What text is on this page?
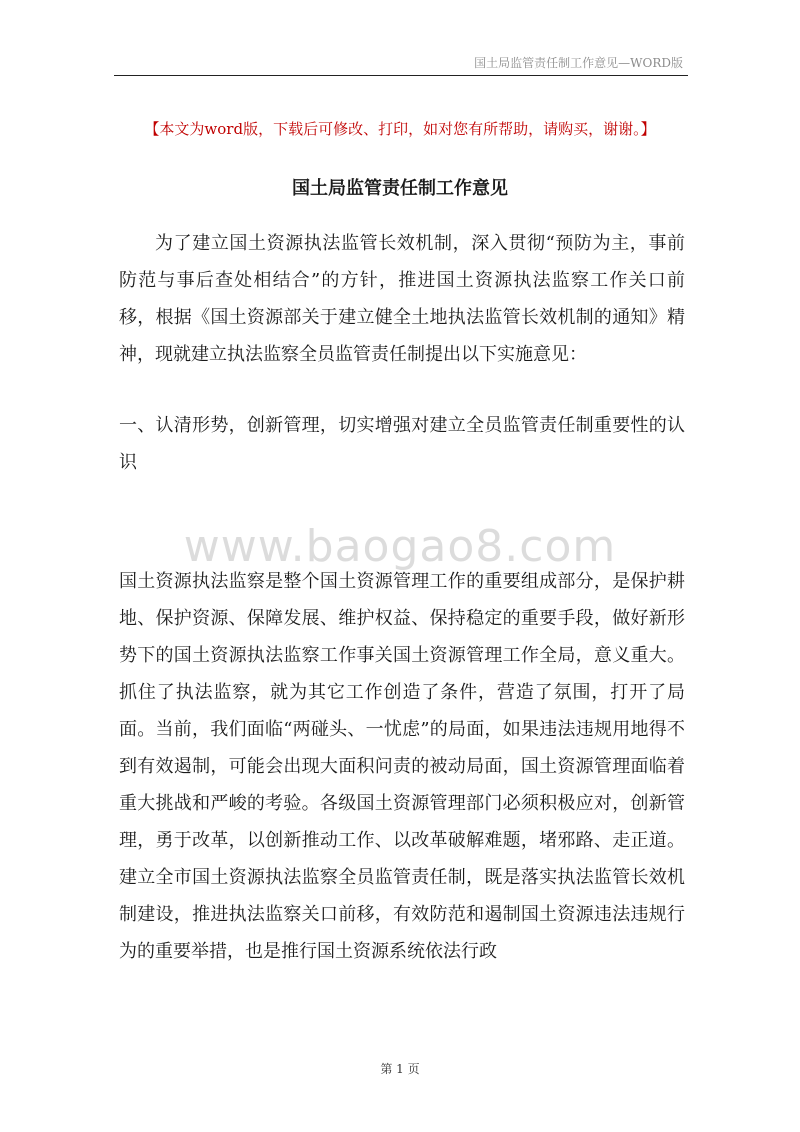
国土局监管责任制工作意见—WORD版
【本文为word版，下载后可修改、打印，如对您有所帮助，请购买，谢谢。】
国土局监管责任制工作意见
为了建立国土资源执法监管长效机制，深入贯彻“预防为主，事前防范与事后查处相结合”的方针，推进国土资源执法监察工作关口前移，根据《国土资源部关于建立健全土地执法监管长效机制的通知》精神，现就建立执法监察全员监管责任制提出以下实施意见：
一、认清形势，创新管理，切实增强对建立全员监管责任制重要性的认识
www.baogao8.com
国土资源执法监察是整个国土资源管理工作的重要组成部分，是保护耕地、保护资源、保障发展、维护权益、保持稳定的重要手段，做好新形势下的国土资源执法监察工作事关国土资源管理工作全局，意义重大。抓住了执法监察，就为其它工作创造了条件，营造了氛围，打开了局面。当前，我们面临“两碰头、一忧虑”的局面，如果违法违规用地得不到有效遏制，可能会出现大面积问责的被动局面，国土资源管理面临着重大挑战和严峻的考验。各级国土资源管理部门必须积极应对，创新管理，勇于改革，以创新推动工作、以改革破解难题，堵邪路、走正道。建立全市国土资源执法监察全员监管责任制，既是落实执法监管长效机制建设，推进执法监察关口前移，有效防范和遏制国土资源违法违规行为的重要举措，也是推行国土资源系统依法行政
第 1 页
